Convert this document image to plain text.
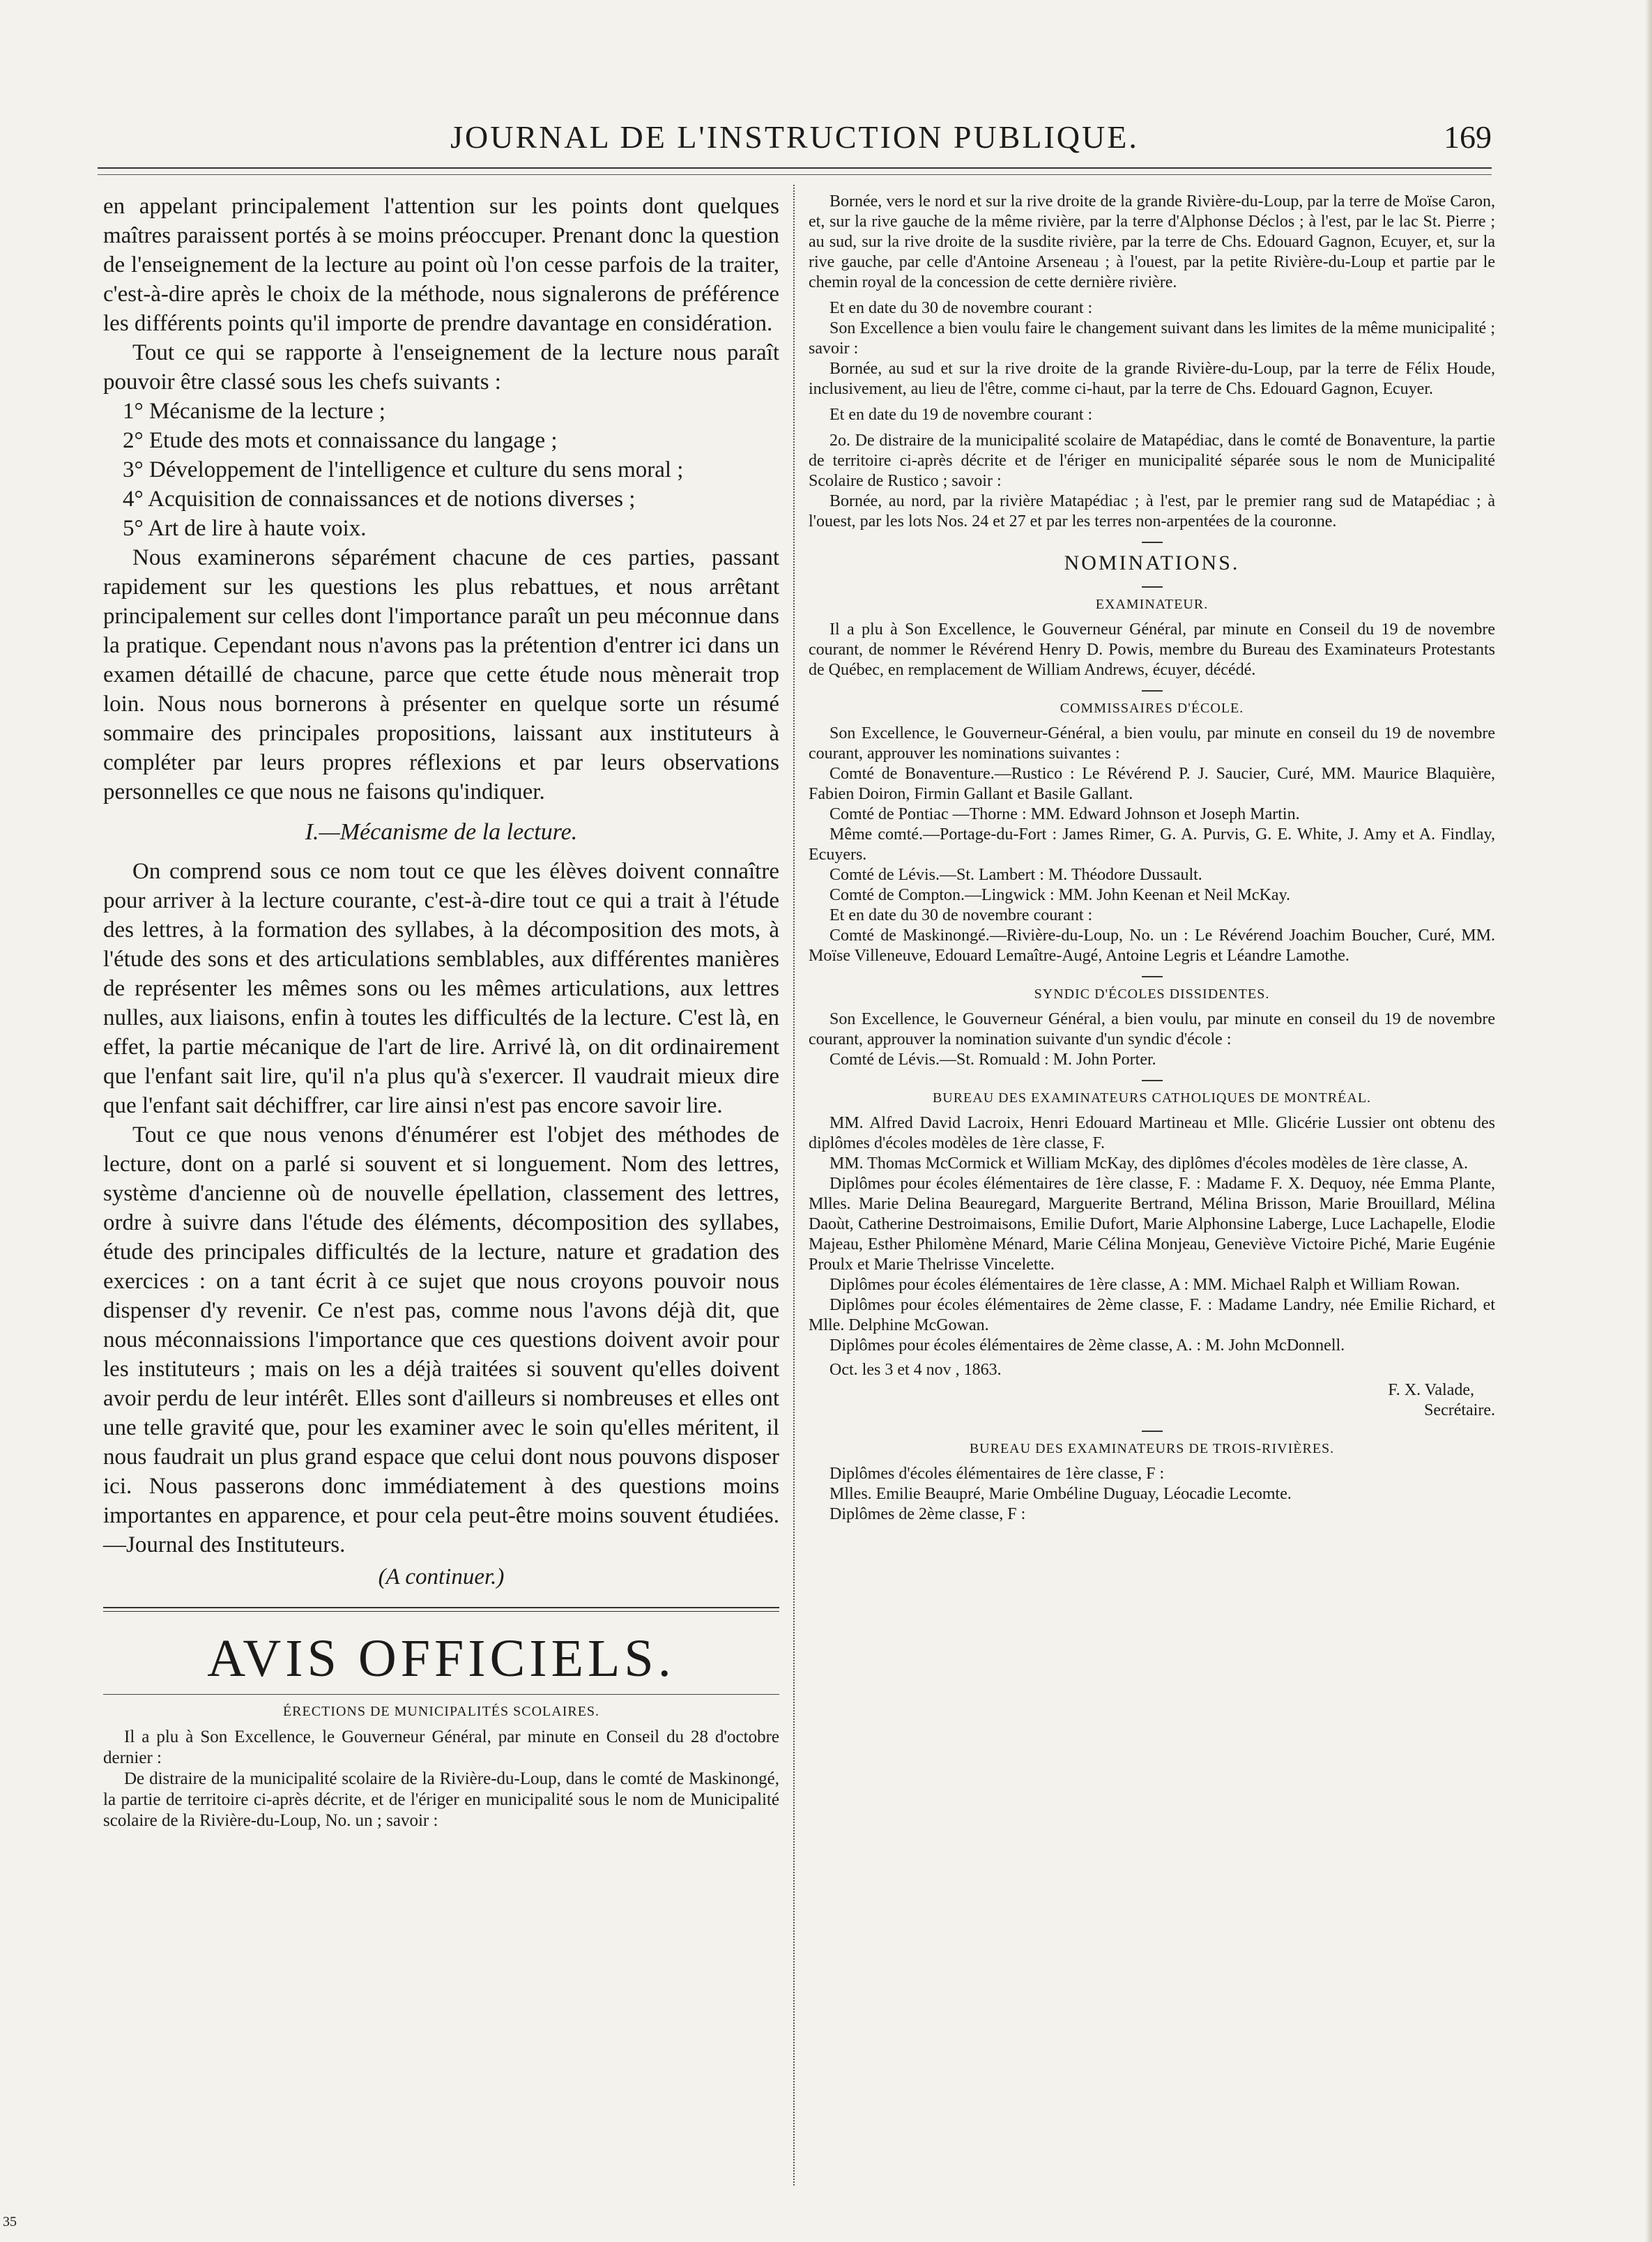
JOURNAL DE L'INSTRUCTION PUBLIQUE.	169

en appelant principalement l'attention sur les points dont quelques maîtres paraissent portés à se moins préoccuper. Prenant donc la question de l'enseignement de la lecture au point où l'on cesse parfois de la traiter, c'est-à-dire après le choix de la méthode, nous signalerons de préférence les différents points qu'il importe de prendre davantage en considération.

Tout ce qui se rapporte à l'enseignement de la lecture nous paraît pouvoir être classé sous les chefs suivants :

1° Mécanisme de la lecture ;

2° Etude des mots et connaissance du langage ;

3° Développement de l'intelligence et culture du sens moral ;

4° Acquisition de connaissances et de notions diverses ;

5° Art de lire à haute voix.

Nous examinerons séparément chacune de ces parties, passant rapidement sur les questions les plus rebattues, et nous arrêtant principalement sur celles dont l'importance paraît un peu méconnue dans la pratique. Cependant nous n'avons pas la prétention d'entrer ici dans un examen détaillé de chacune, parce que cette étude nous mènerait trop loin. Nous nous bornerons à présenter en quelque sorte un résumé sommaire des principales propositions, laissant aux instituteurs à compléter par leurs propres réflexions et par leurs observations personnelles ce que nous ne faisons qu'indiquer.

I.—Mécanisme de la lecture.

On comprend sous ce nom tout ce que les élèves doivent connaître pour arriver à la lecture courante, c'est-à-dire tout ce qui a trait à l'étude des lettres, à la formation des syllabes, à la décomposition des mots, à l'étude des sons et des articulations semblables, aux différentes manières de représenter les mêmes sons ou les mêmes articulations, aux lettres nulles, aux liaisons, enfin à toutes les difficultés de la lecture. C'est là, en effet, la partie mécanique de l'art de lire. Arrivé là, on dit ordinairement que l'enfant sait lire, qu'il n'a plus qu'à s'exercer. Il vaudrait mieux dire que l'enfant sait déchiffrer, car lire ainsi n'est pas encore savoir lire.

Tout ce que nous venons d'énumérer est l'objet des méthodes de lecture, dont on a parlé si souvent et si longuement. Nom des lettres, système d'ancienne où de nouvelle épellation, classement des lettres, ordre à suivre dans l'étude des éléments, décomposition des syllabes, étude des principales difficultés de la lecture, nature et gradation des exercices : on a tant écrit à ce sujet que nous croyons pouvoir nous dispenser d'y revenir. Ce n'est pas, comme nous l'avons déjà dit, que nous méconnaissions l'importance que ces questions doivent avoir pour les instituteurs ; mais on les a déjà traitées si souvent qu'elles doivent avoir perdu de leur intérêt. Elles sont d'ailleurs si nombreuses et elles ont une telle gravité que, pour les examiner avec le soin qu'elles méritent, il nous faudrait un plus grand espace que celui dont nous pouvons disposer ici. Nous passerons donc immédiatement à des questions moins importantes en apparence, et pour cela peut-être moins souvent étudiées.—Journal des Instituteurs.

(A continuer.)
AVIS OFFICIELS.
ÉRECTIONS DE MUNICIPALITÉS SCOLAIRES.

Il a plu à Son Excellence, le Gouverneur Général, par minute en Conseil du 28 d'octobre dernier :

De distraire de la municipalité scolaire de la Rivière-du-Loup, dans le comté de Maskinongé, la partie de territoire ci-après décrite, et de l'ériger en municipalité sous le nom de Municipalité scolaire de la Rivière-du-Loup, No. un ; savoir :

Bornée, vers le nord et sur la rive droite de la grande Rivière-du-Loup, par la terre de Moïse Caron, et, sur la rive gauche de la même rivière, par la terre d'Alphonse Déclos ; à l'est, par le lac St. Pierre ; au sud, sur la rive droite de la susdite rivière, par la terre de Chs. Edouard Gagnon, Ecuyer, et, sur la rive gauche, par celle d'Antoine Arseneau ; à l'ouest, par la petite Rivière-du-Loup et partie par le chemin royal de la concession de cette dernière rivière.

Et en date du 30 de novembre courant :

Son Excellence a bien voulu faire le changement suivant dans les limites de la même municipalité ; savoir :

Bornée, au sud et sur la rive droite de la grande Rivière-du-Loup, par la terre de Félix Houde, inclusivement, au lieu de l'être, comme ci-haut, par la terre de Chs. Edouard Gagnon, Ecuyer.

Et en date du 19 de novembre courant :

2o. De distraire de la municipalité scolaire de Matapédiac, dans le comté de Bonaventure, la partie de territoire ci-après décrite et de l'ériger en municipalité séparée sous le nom de Municipalité Scolaire de Rustico ; savoir :

Bornée, au nord, par la rivière Matapédiac ; à l'est, par le premier rang sud de Matapédiac ; à l'ouest, par les lots Nos. 24 et 27 et par les terres non-arpentées de la couronne.

NOMINATIONS.
EXAMINATEUR.

Il a plu à Son Excellence, le Gouverneur Général, par minute en Conseil du 19 de novembre courant, de nommer le Révérend Henry D. Powis, membre du Bureau des Examinateurs Protestants de Québec, en remplacement de William Andrews, écuyer, décédé.

COMMISSAIRES D'ÉCOLE.

Son Excellence, le Gouverneur-Général, a bien voulu, par minute en conseil du 19 de novembre courant, approuver les nominations suivantes :

Comté de Bonaventure.—Rustico : Le Révérend P. J. Saucier, Curé, MM. Maurice Blaquière, Fabien Doiron, Firmin Gallant et Basile Gallant.

Comté de Pontiac —Thorne : MM. Edward Johnson et Joseph Martin.

Même comté.—Portage-du-Fort : James Rimer, G. A. Purvis, G. E. White, J. Amy et A. Findlay, Ecuyers.

Comté de Lévis.—St. Lambert : M. Théodore Dussault.

Comté de Compton.—Lingwick : MM. John Keenan et Neil McKay.

Et en date du 30 de novembre courant :

Comté de Maskinongé.—Rivière-du-Loup, No. un : Le Révérend Joachim Boucher, Curé, MM. Moïse Villeneuve, Edouard Lemaître-Augé, Antoine Legris et Léandre Lamothe.

SYNDIC D'ÉCOLES DISSIDENTES.

Son Excellence, le Gouverneur Général, a bien voulu, par minute en conseil du 19 de novembre courant, approuver la nomination suivante d'un syndic d'école :

Comté de Lévis.—St. Romuald : M. John Porter.

BUREAU DES EXAMINATEURS CATHOLIQUES DE MONTRÉAL.

MM. Alfred David Lacroix, Henri Edouard Martineau et Mlle. Glicérie Lussier ont obtenu des diplômes d'écoles modèles de 1ère classe, F.

MM. Thomas McCormick et William McKay, des diplômes d'écoles modèles de 1ère classe, A.

Diplômes pour écoles élémentaires de 1ère classe, F. : Madame F. X. Dequoy, née Emma Plante, Mlles. Marie Delina Beauregard, Marguerite Bertrand, Mélina Brisson, Marie Brouillard, Mélina Daoùt, Catherine Destroimaisons, Emilie Dufort, Marie Alphonsine Laberge, Luce Lachapelle, Elodie Majeau, Esther Philomène Ménard, Marie Célina Monjeau, Geneviève Victoire Piché, Marie Eugénie Proulx et Marie Thelrisse Vincelette.

Diplômes pour écoles élémentaires de 1ère classe, A : MM. Michael Ralph et William Rowan.

Diplômes pour écoles élémentaires de 2ème classe, F. : Madame Landry, née Emilie Richard, et Mlle. Delphine McGowan.

Diplômes pour écoles élémentaires de 2ème classe, A. : M. John McDonnell.

Oct. les 3 et 4 nov , 1863.

F. X. Valade,
Secrétaire.
BUREAU DES EXAMINATEURS DE TROIS-RIVIÈRES.

Diplômes d'écoles élémentaires de 1ère classe, F :

Mlles. Emilie Beaupré, Marie Ombéline Duguay, Léocadie Lecomte.

Diplômes de 2ème classe, F :

35
